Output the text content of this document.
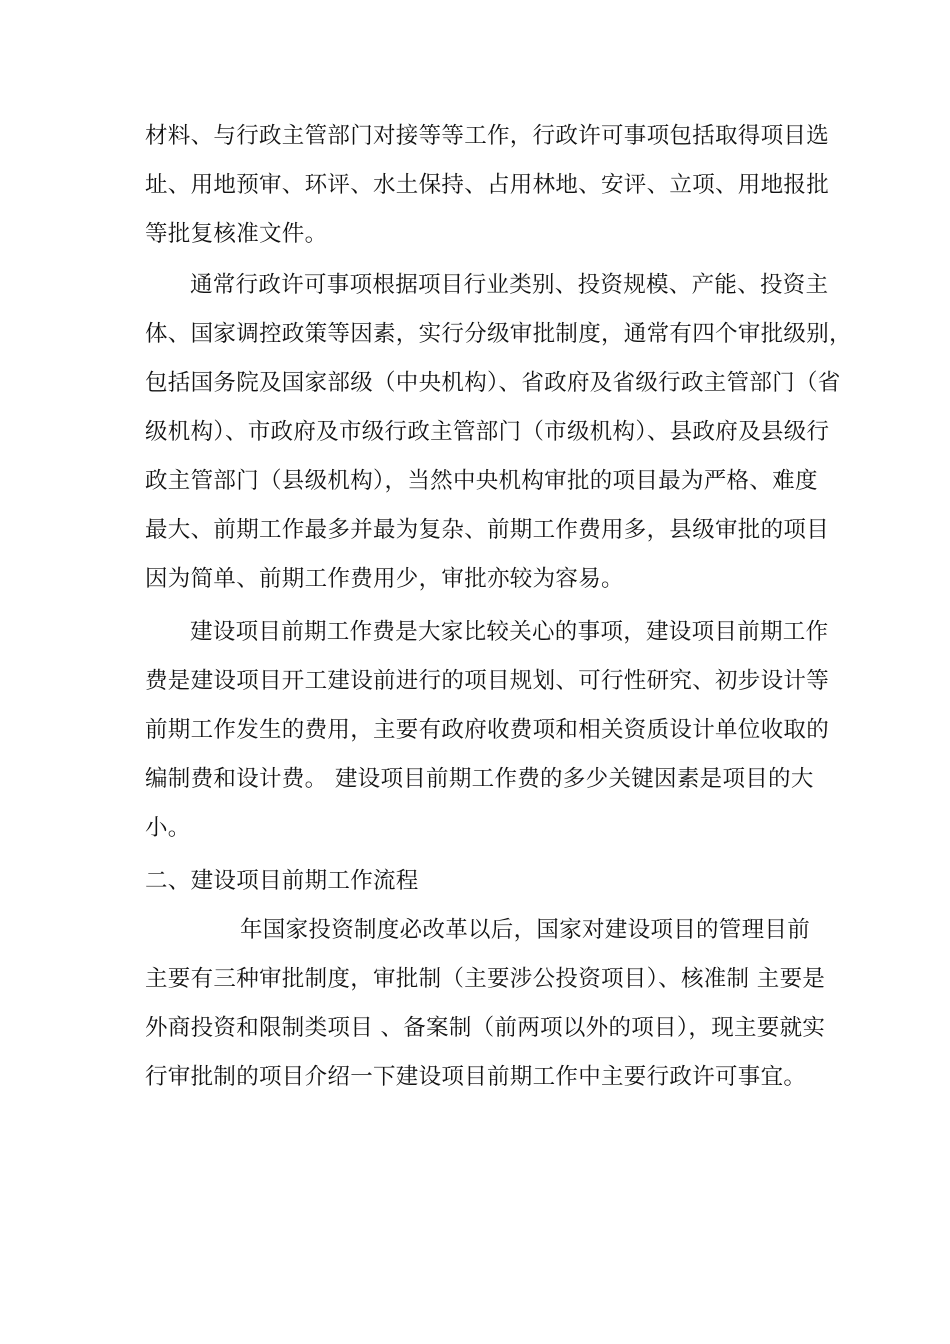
材料、与行政主管部门对接等等工作，行政许可事项包括取得项目选
址、用地预审、环评、水土保持、占用林地、安评、立项、用地报批
等批复核准文件。
通常行政许可事项根据项目行业类别、投资规模、产能、投资主
体、国家调控政策等因素，实行分级审批制度，通常有四个审批级别，
包括国务院及国家部级（中央机构）、省政府及省级行政主管部门（省
级机构）、市政府及市级行政主管部门（市级机构）、县政府及县级行
政主管部门（县级机构），当然中央机构审批的项目最为严格、难度
最大、前期工作最多并最为复杂、前期工作费用多，县级审批的项目
因为简单、前期工作费用少，审批亦较为容易。
建设项目前期工作费是大家比较关心的事项，建设项目前期工作
费是建设项目开工建设前进行的项目规划、可行性研究、初步设计等
前期工作发生的费用，主要有政府收费项和相关资质设计单位收取的
编制费和设计费。 建设项目前期工作费的多少关键因素是项目的大
小。
二、建设项目前期工作流程
年国家投资制度必改革以后，国家对建设项目的管理目前
主要有三种审批制度，审批制（主要涉公投资项目）、核准制 主要是
外商投资和限制类项目 、备案制（前两项以外的项目），现主要就实
行审批制的项目介绍一下建设项目前期工作中主要行政许可事宜。
